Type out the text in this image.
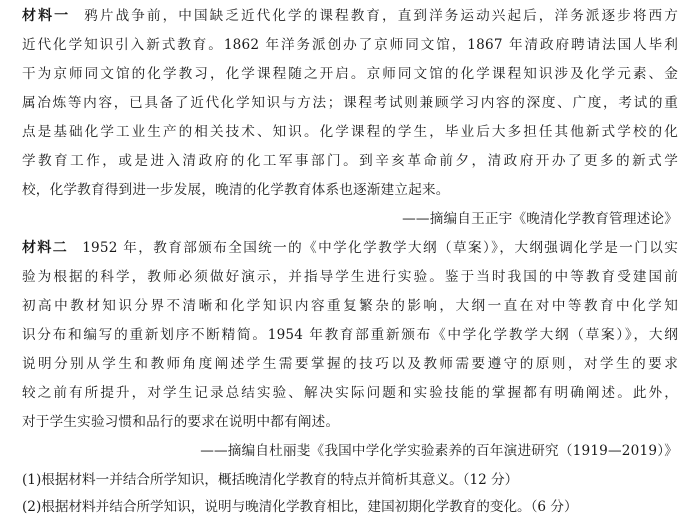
材料一 鸦片战争前，中国缺乏近代化学的课程教育，直到洋务运动兴起后，洋务派逐步将西方
近代化学知识引入新式教育。1862 年洋务派创办了京师同文馆，1867 年清政府聘请法国人毕利
干为京师同文馆的化学教习，化学课程随之开启。京师同文馆的化学课程知识涉及化学元素、金
属冶炼等内容，已具备了近代化学知识与方法；课程考试则兼顾学习内容的深度、广度，考试的重
点是基础化学工业生产的相关技术、知识。化学课程的学生，毕业后大多担任其他新式学校的化
学教育工作，或是进入清政府的化工军事部门。到辛亥革命前夕，清政府开办了更多的新式学
校，化学教育得到进一步发展，晚清的化学教育体系也逐渐建立起来。
——摘编自王正宇《晚清化学教育管理述论》
材料二 1952 年，教育部颁布全国统一的《中学化学教学大纲（草案）》，大纲强调化学是一门以实
验为根据的科学，教师必须做好演示，并指导学生进行实验。鉴于当时我国的中等教育受建国前
初高中教材知识分界不清晰和化学知识内容重复繁杂的影响，大纲一直在对中等教育中化学知
识分布和编写的重新划序不断精简。1954 年教育部重新颁布《中学化学教学大纲（草案）》，大纲
说明分别从学生和教师角度阐述学生需要掌握的技巧以及教师需要遵守的原则，对学生的要求
较之前有所提升，对学生记录总结实验、解决实际问题和实验技能的掌握都有明确阐述。此外，
对于学生实验习惯和品行的要求在说明中都有阐述。
——摘编自杜丽斐《我国中学化学实验素养的百年演进研究（1919—2019）》
(1)根据材料一并结合所学知识，概括晚清化学教育的特点并简析其意义。（12 分）
(2)根据材料并结合所学知识，说明与晚清化学教育相比，建国初期化学教育的变化。（6 分）
